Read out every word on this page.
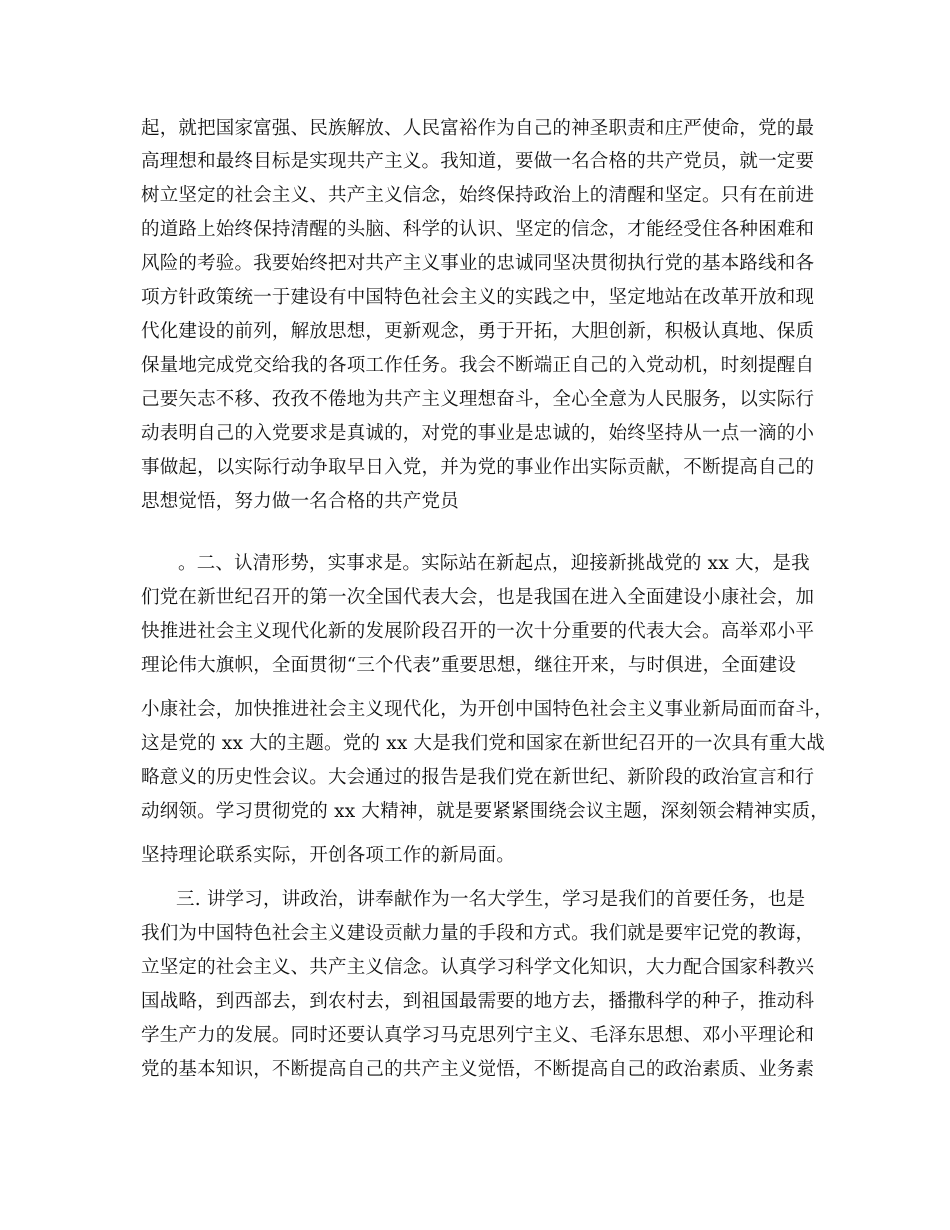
起，就把国家富强、民族解放、人民富裕作为自己的神圣职责和庄严使命，党的最

高理想和最终目标是实现共产主义。我知道，要做一名合格的共产党员，就一定要

树立坚定的社会主义、共产主义信念，始终保持政治上的清醒和坚定。只有在前进

的道路上始终保持清醒的头脑、科学的认识、坚定的信念，才能经受住各种困难和

风险的考验。我要始终把对共产主义事业的忠诚同坚决贯彻执行党的基本路线和各

项方针政策统一于建设有中国特色社会主义的实践之中，坚定地站在改革开放和现

代化建设的前列，解放思想，更新观念，勇于开拓，大胆创新，积极认真地、保质

保量地完成党交给我的各项工作任务。我会不断端正自己的入党动机，时刻提醒自

己要矢志不移、孜孜不倦地为共产主义理想奋斗，全心全意为人民服务，以实际行

动表明自己的入党要求是真诚的，对党的事业是忠诚的，始终坚持从一点一滴的小

事做起，以实际行动争取早日入党，并为党的事业作出实际贡献，不断提高自己的

思想觉悟，努力做一名合格的共产党员

。二、认清形势，实事求是。实际站在新起点，迎接新挑战党的 xx 大，是我

们党在新世纪召开的第一次全国代表大会，也是我国在进入全面建设小康社会，加

快推进社会主义现代化新的发展阶段召开的一次十分重要的代表大会。高举邓小平

理论伟大旗帜，全面贯彻“三个代表”重要思想，继往开来，与时俱进，全面建设

小康社会，加快推进社会主义现代化，为开创中国特色社会主义事业新局面而奋斗，

这是党的 xx 大的主题。党的 xx 大是我们党和国家在新世纪召开的一次具有重大战

略意义的历史性会议。大会通过的报告是我们党在新世纪、新阶段的政治宣言和行

动纲领。学习贯彻党的 xx 大精神，就是要紧紧围绕会议主题，深刻领会精神实质，

坚持理论联系实际，开创各项工作的新局面。

三. 讲学习，讲政治，讲奉献作为一名大学生，学习是我们的首要任务，也是

我们为中国特色社会主义建设贡献力量的手段和方式。我们就是要牢记党的教诲，

立坚定的社会主义、共产主义信念。认真学习科学文化知识，大力配合国家科教兴

国战略，到西部去，到农村去，到祖国最需要的地方去，播撒科学的种子，推动科

学生产力的发展。同时还要认真学习马克思列宁主义、毛泽东思想、邓小平理论和

党的基本知识，不断提高自己的共产主义觉悟，不断提高自己的政治素质、业务素
